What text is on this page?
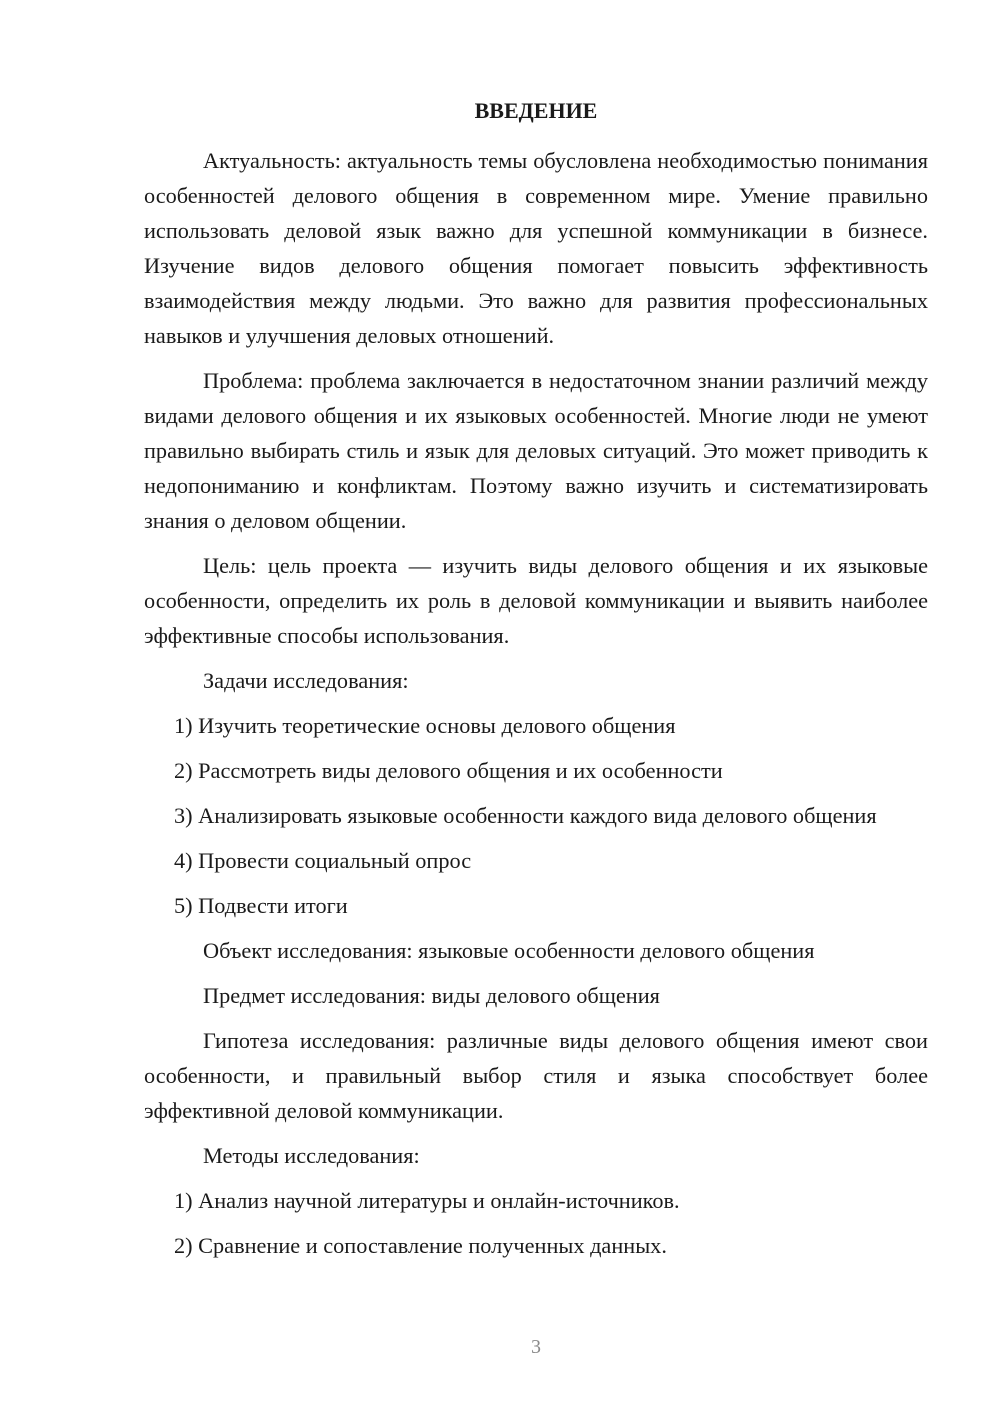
ВВЕДЕНИЕ

Актуальность: актуальность темы обусловлена необходимостью понимания особенностей делового общения в современном мире. Умение правильно использовать деловой язык важно для успешной коммуникации в бизнесе. Изучение видов делового общения помогает повысить эффективность взаимодействия между людьми. Это важно для развития профессиональных навыков и улучшения деловых отношений.

Проблема: проблема заключается в недостаточном знании различий между видами делового общения и их языковых особенностей. Многие люди не умеют правильно выбирать стиль и язык для деловых ситуаций. Это может приводить к недопониманию и конфликтам. Поэтому важно изучить и систематизировать знания о деловом общении.

Цель: цель проекта — изучить виды делового общения и их языковые особенности, определить их роль в деловой коммуникации и выявить наиболее эффективные способы использования.

Задачи исследования:

1) Изучить теоретические основы делового общения

2) Рассмотреть виды делового общения и их особенности

3) Анализировать языковые особенности каждого вида делового общения

4) Провести социальный опрос

5) Подвести итоги

Объект исследования: языковые особенности делового общения

Предмет исследования: виды делового общения

Гипотеза исследования: различные виды делового общения имеют свои особенности, и правильный выбор стиля и языка способствует более эффективной деловой коммуникации.

Методы исследования:

1) Анализ научной литературы и онлайн-источников.

2) Сравнение и сопоставление полученных данных.

3
